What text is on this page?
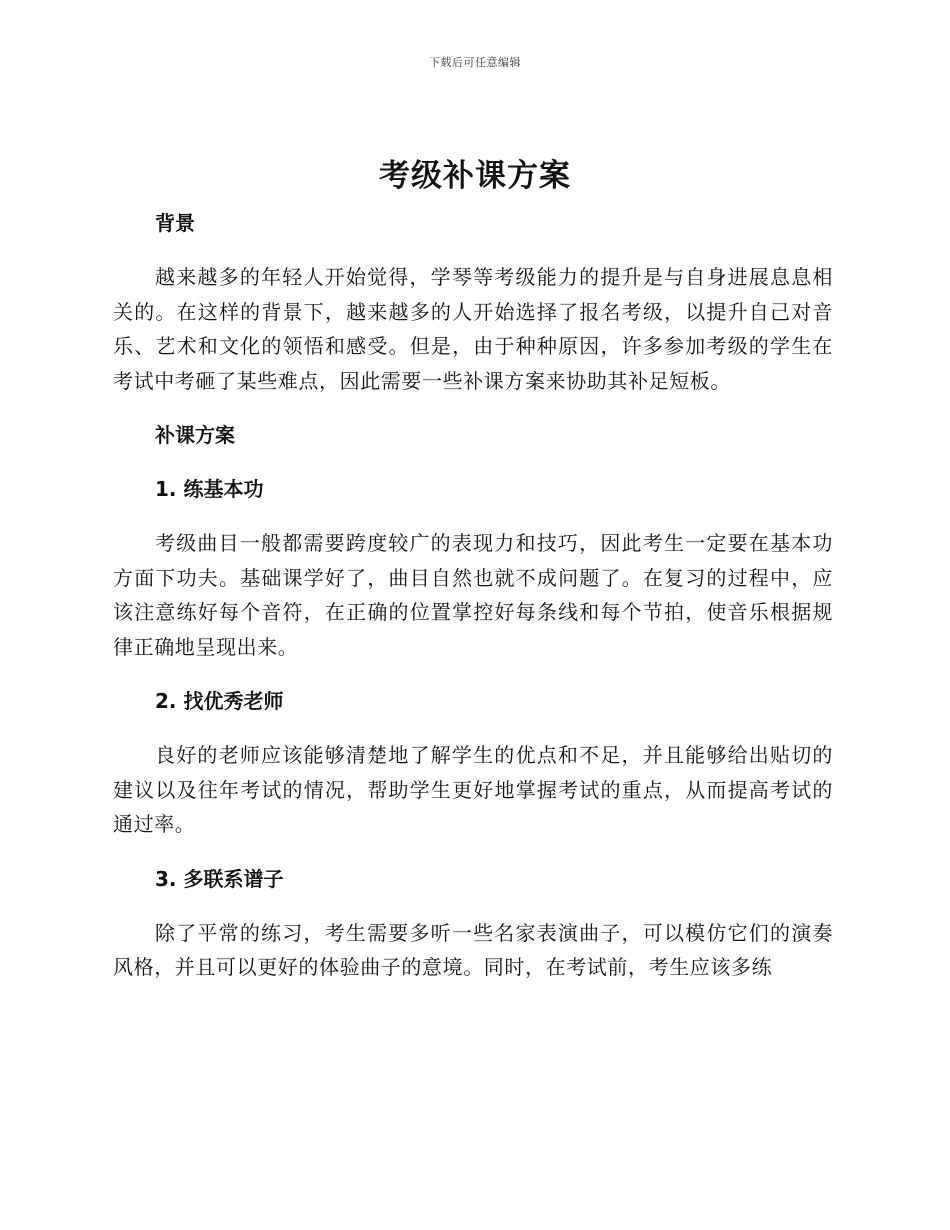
下载后可任意编辑
考级补课方案
背景

越来越多的年轻人开始觉得，学琴等考级能力的提升是与自身进展息息相关的。在这样的背景下，越来越多的人开始选择了报名考级，以提升自己对音乐、艺术和文化的领悟和感受。但是，由于种种原因，许多参加考级的学生在考试中考砸了某些难点，因此需要一些补课方案来协助其补足短板。

补课方案
1. 练基本功

考级曲目一般都需要跨度较广的表现力和技巧，因此考生一定要在基本功方面下功夫。基础课学好了，曲目自然也就不成问题了。在复习的过程中，应该注意练好每个音符，在正确的位置掌控好每条线和每个节拍，使音乐根据规律正确地呈现出来。

2. 找优秀老师

良好的老师应该能够清楚地了解学生的优点和不足，并且能够给出贴切的建议以及往年考试的情况，帮助学生更好地掌握考试的重点，从而提高考试的通过率。

3. 多联系谱子

除了平常的练习，考生需要多听一些名家表演曲子，可以模仿它们的演奏风格，并且可以更好的体验曲子的意境。同时，在考试前，考生应该多练
